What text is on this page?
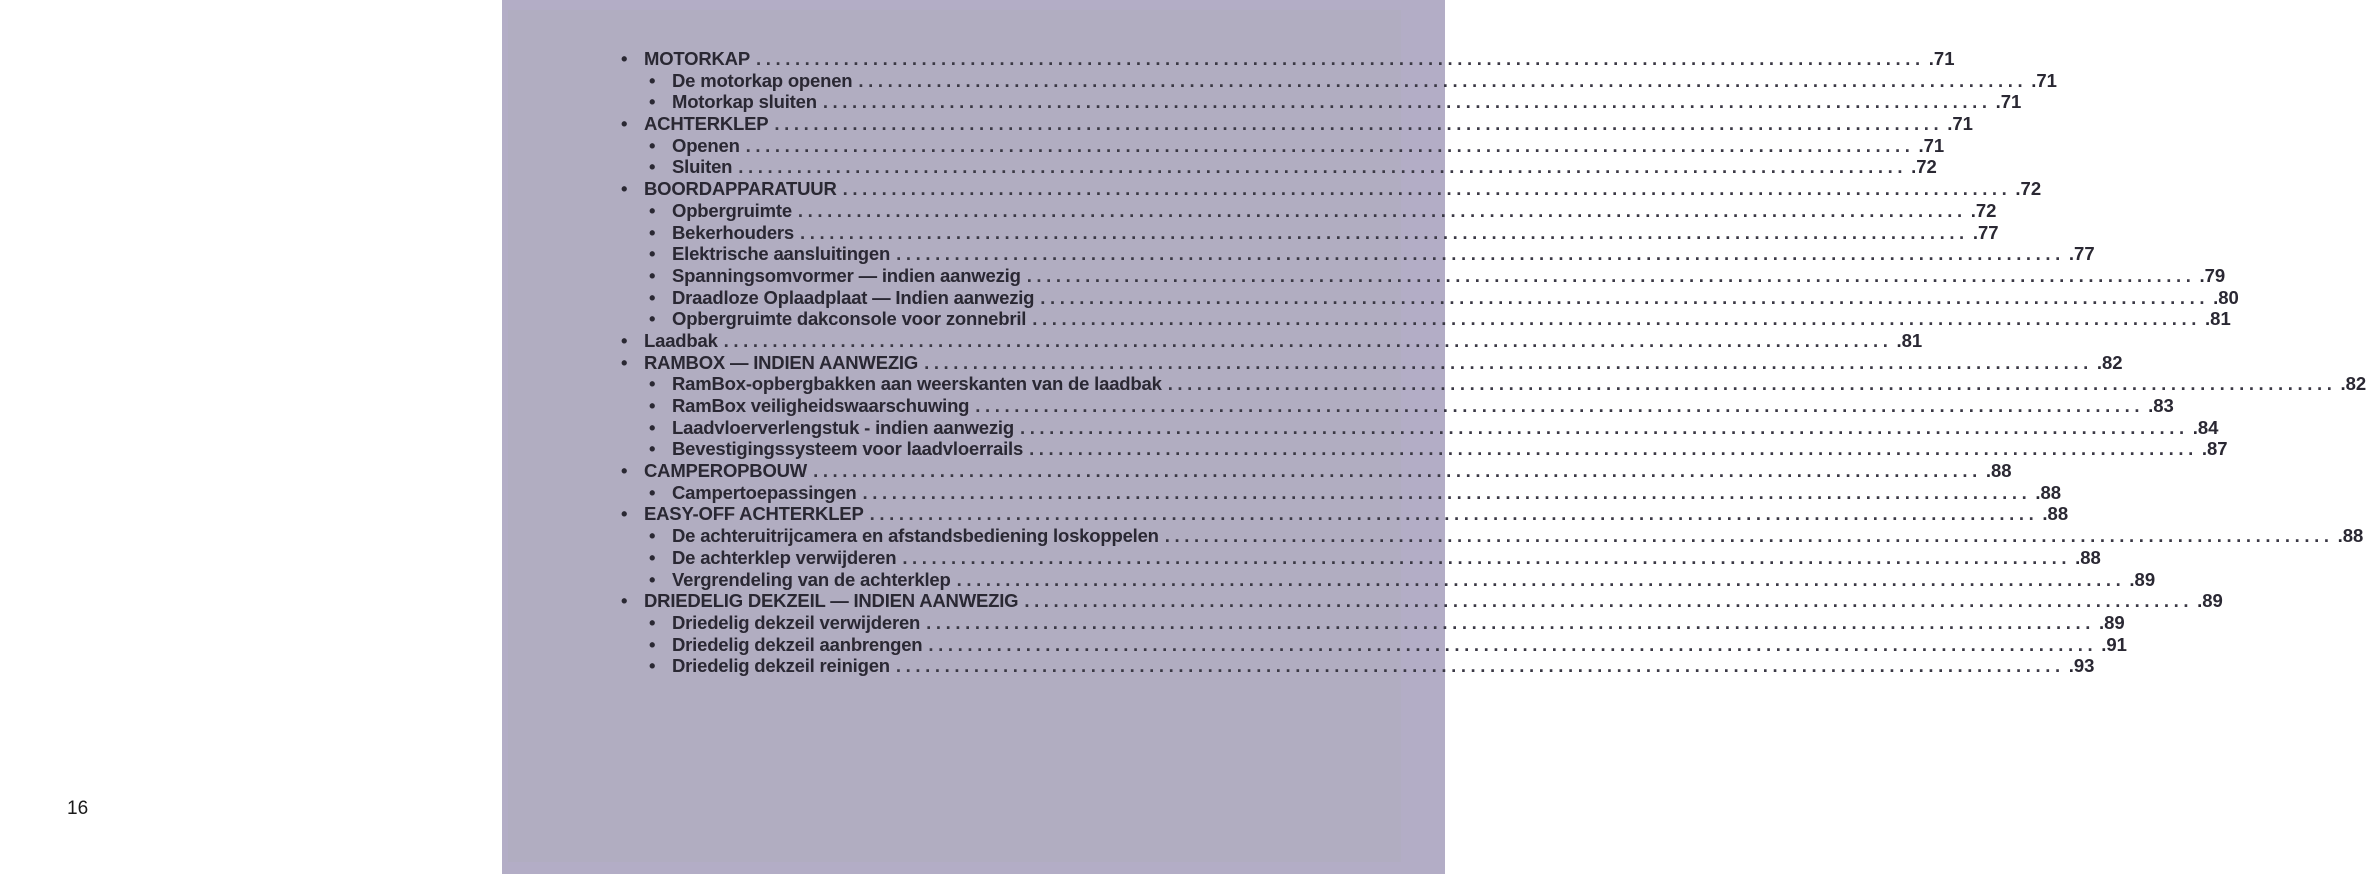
16
• MOTORKAP ........................................................................................................................ .71
• De motorkap openen ........................................................................................................................ .71
• Motorkap sluiten ........................................................................................................................ .71
• ACHTERKLEP ........................................................................................................................ .71
• Openen ........................................................................................................................ .71
• Sluiten ........................................................................................................................ .72
• BOORDAPPARATUUR ........................................................................................................................ .72
• Opbergruimte ........................................................................................................................ .72
• Bekerhouders ........................................................................................................................ .77
• Elektrische aansluitingen ........................................................................................................................ .77
• Spanningsomvormer — indien aanwezig ........................................................................................................................ .79
• Draadloze Oplaadplaat — Indien aanwezig ........................................................................................................................ .80
• Opbergruimte dakconsole voor zonnebril ........................................................................................................................ .81
• Laadbak ........................................................................................................................ .81
• RAMBOX — INDIEN AANWEZIG ........................................................................................................................ .82
• RamBox-opbergbakken aan weerskanten van de laadbak ........................................................................................................................ .82
• RamBox veiligheidswaarschuwing ........................................................................................................................ .83
• Laadvloerverlengstuk - indien aanwezig ........................................................................................................................ .84
• Bevestigingssysteem voor laadvloerrails ........................................................................................................................ .87
• CAMPEROPBOUW ........................................................................................................................ .88
• Campertoepassingen ........................................................................................................................ .88
• EASY-OFF ACHTERKLEP ........................................................................................................................ .88
• De achteruitrijcamera en afstandsbediening loskoppelen ........................................................................................................................ .88
• De achterklep verwijderen ........................................................................................................................ .88
• Vergrendeling van de achterklep ........................................................................................................................ .89
• DRIEDELIG DEKZEIL — INDIEN AANWEZIG ........................................................................................................................ .89
• Driedelig dekzeil verwijderen ........................................................................................................................ .89
• Driedelig dekzeil aanbrengen ........................................................................................................................ .91
• Driedelig dekzeil reinigen ........................................................................................................................ .93
